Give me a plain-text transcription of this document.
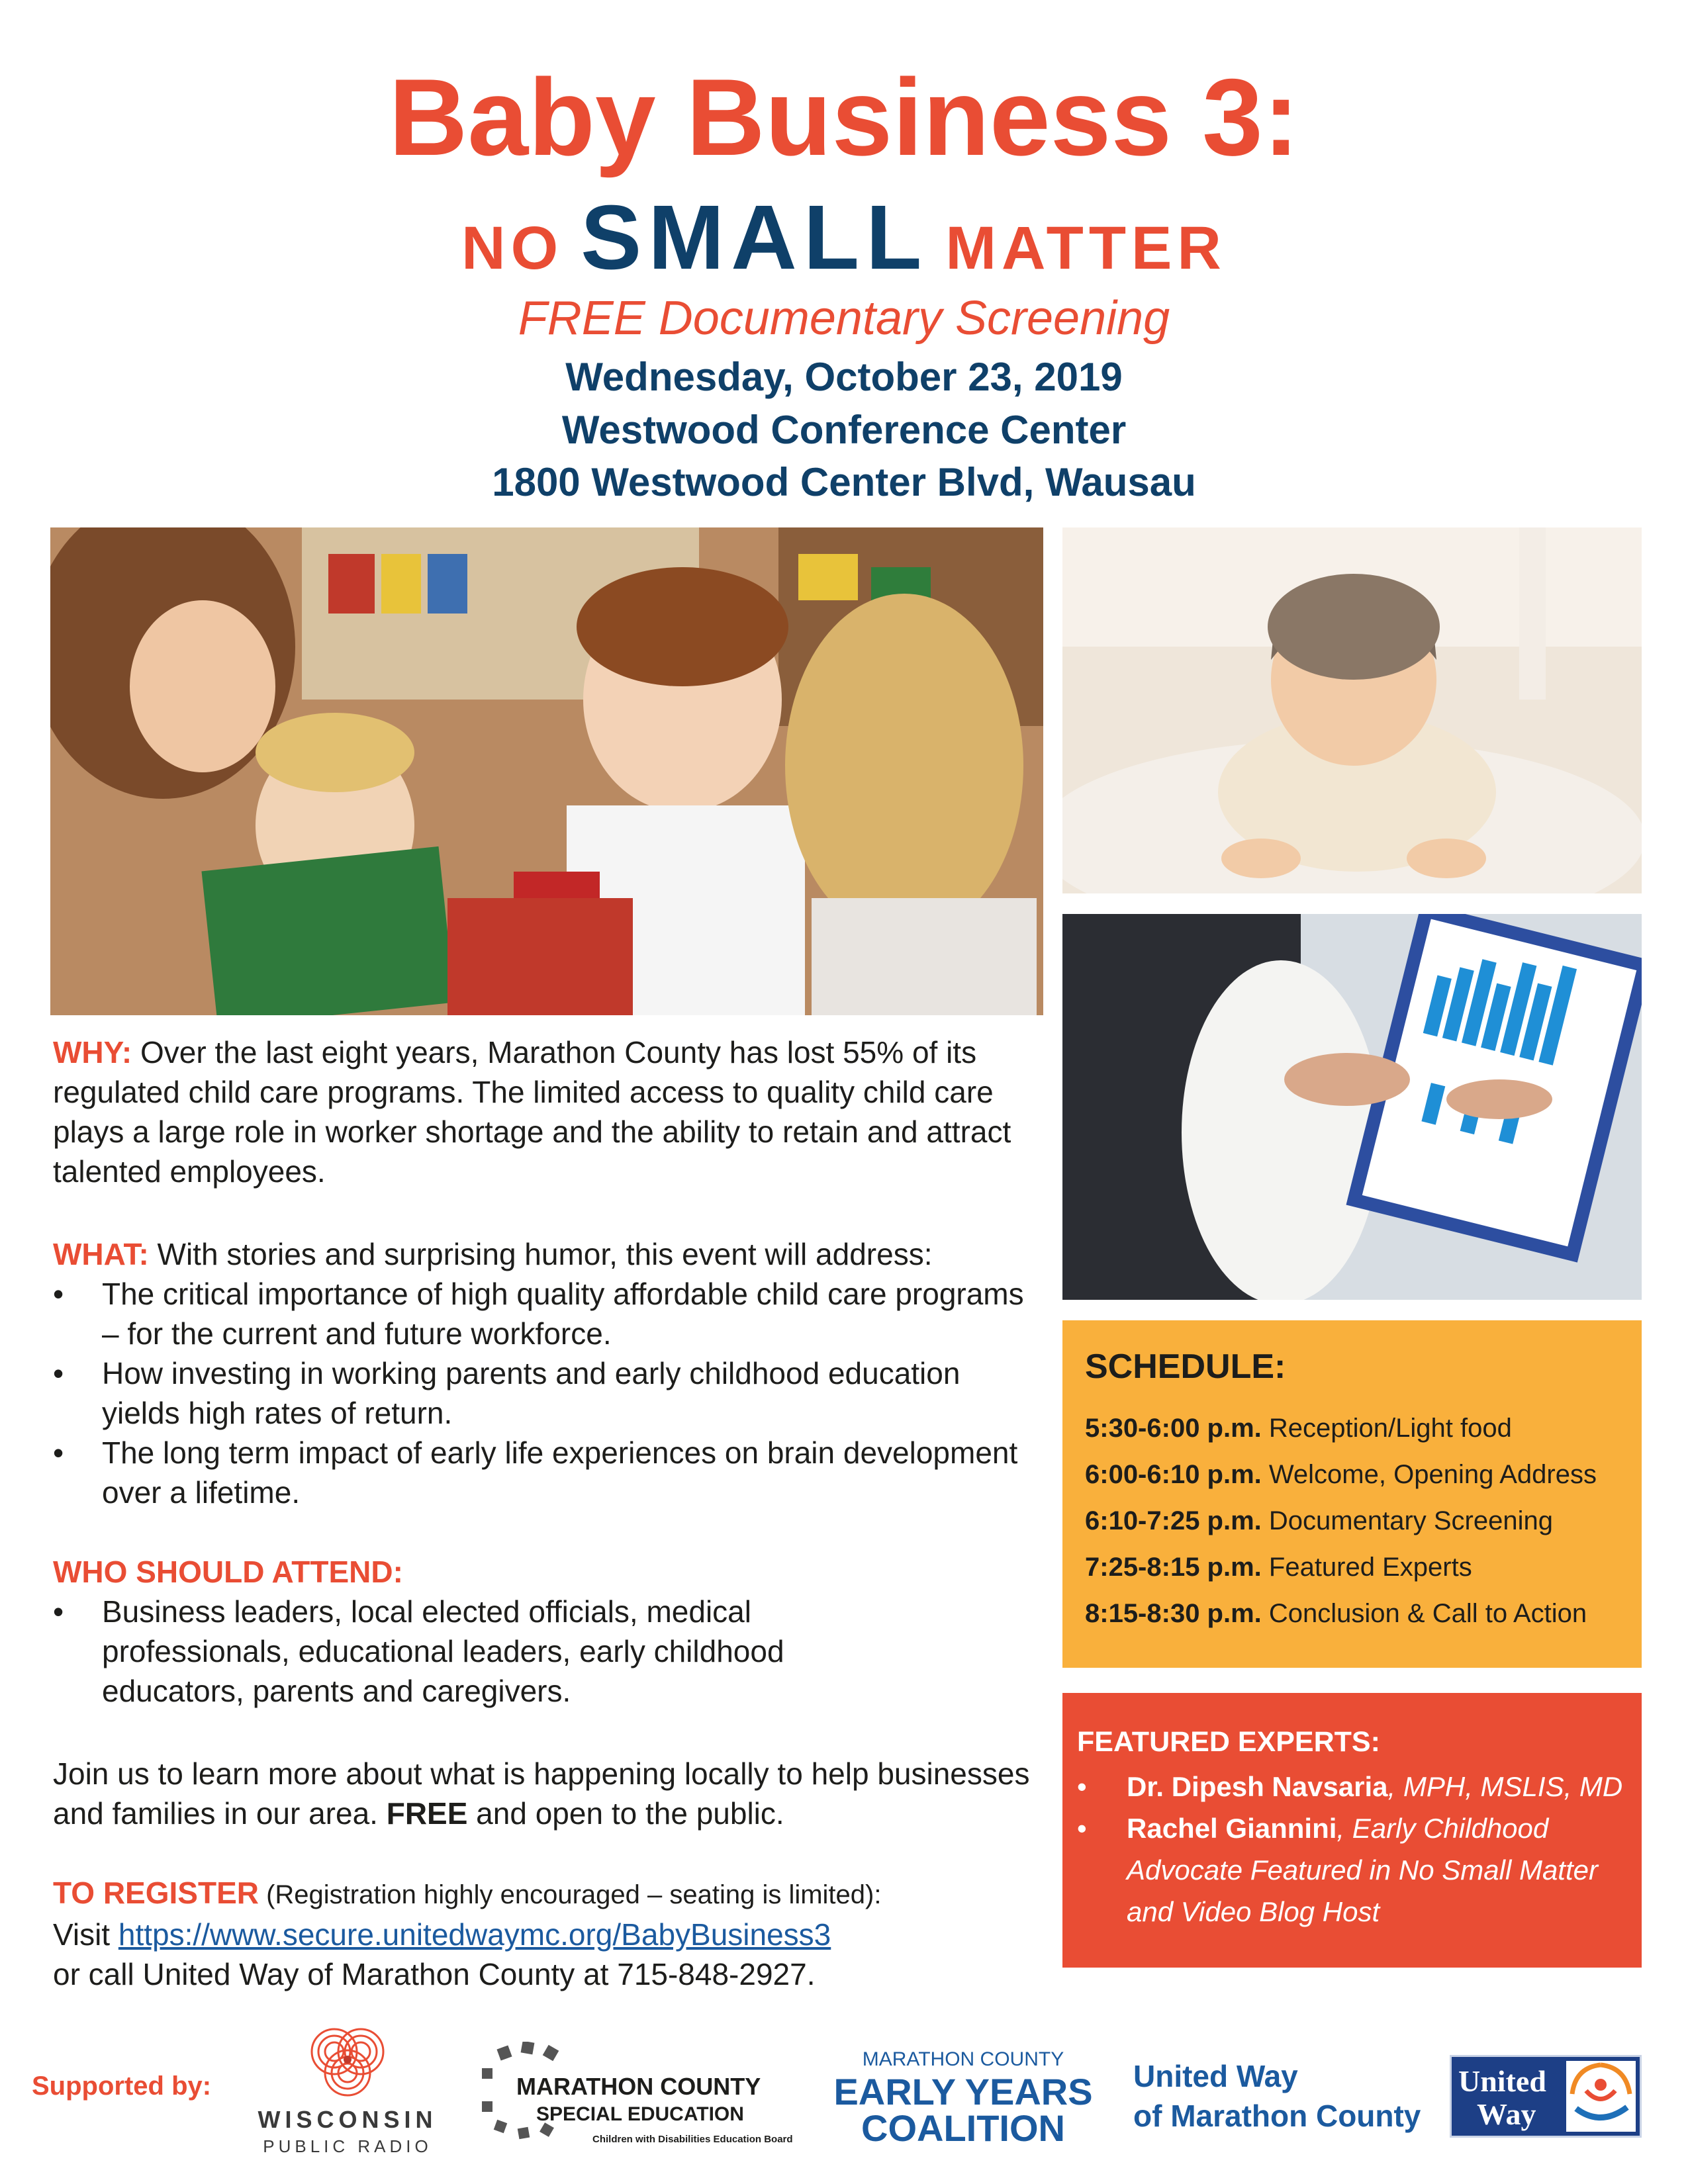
Baby Business 3:
NO SMALL MATTER
FREE Documentary Screening
Wednesday, October 23, 2019
Westwood Conference Center
1800 Westwood Center Blvd, Wausau
WHY: Over the last eight years, Marathon County has lost 55% of its regulated child care programs. The limited access to quality child care plays a large role in worker shortage and the ability to retain and attract talented employees.
WHAT: With stories and surprising humor, this event will address:
• The critical importance of high quality affordable child care programs – for the current and future workforce.
• How investing in working parents and early childhood education yields high rates of return.
• The long term impact of early life experiences on brain development over a lifetime.
WHO SHOULD ATTEND:
• Business leaders, local elected officials, medical professionals, educational leaders, early childhood educators, parents and caregivers.
Join us to learn more about what is happening locally to help businesses and families in our area. FREE and open to the public.
TO REGISTER (Registration highly encouraged – seating is limited):
Visit https://www.secure.unitedwaymc.org/BabyBusiness3
or call United Way of Marathon County at 715-848-2927.
SCHEDULE:
5:30-6:00 p.m. Reception/Light food
6:00-6:10 p.m. Welcome, Opening Address
6:10-7:25 p.m. Documentary Screening
7:25-8:15 p.m. Featured Experts
8:15-8:30 p.m. Conclusion & Call to Action
FEATURED EXPERTS:
• Dr. Dipesh Navsaria, MPH, MSLIS, MD
• Rachel Giannini, Early Childhood Advocate Featured in No Small Matter and Video Blog Host
Supported by:
WISCONSIN
PUBLIC RADIO
MARATHON COUNTY
SPECIAL EDUCATION
Children with Disabilities Education Board
MARATHON COUNTY
EARLY YEARS
COALITION
United Way
of Marathon County
United
Way
